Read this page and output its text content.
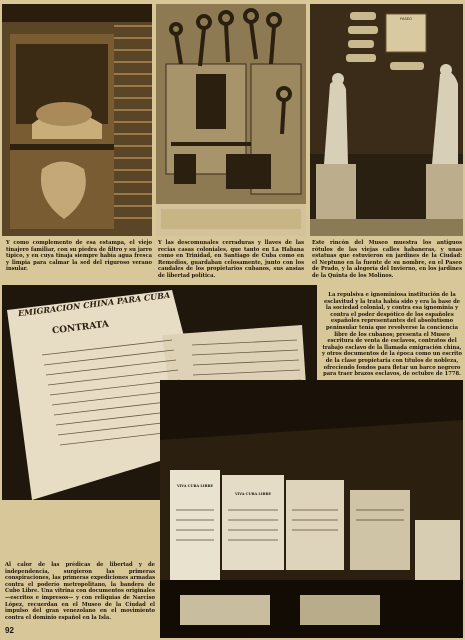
PASEO
Y como complemento de esa estampa, el viejo tinajero familiar, con su piedra de filtro y su jarro típico, y en cuya tinaja siempre había agua fresca y limpia para calmar la sed del riguroso verano insular.
Y las descomunales cerraduras y llaves de las recias casas coloniales, que tanto en La Habana como en Trinidad, en Santiago de Cuba como en Remedios, guardaban celosamente, junto con los caudales de los propietarios cubanos, sus ansias de libertad política.
Este rincón del Museo muestra los antiguos rótulos de las viejas calles habaneras, y unas estatuas que estuvieron en jardines de la Ciudad: el Neptuno en la fuente de su nombre, en el Paseo de Prado, y la alegoría del Invierno, en los jardines de la Quinta de los Molinos.
EMIGRACION CHINA PARA CUBA
CONTRATA
La repulsiva e ignominiosa institución de la esclavitud y la trata había sido y era la base de la sociedad colonial, y contra esa ignominia y contra el poder despótico de los españoles españoles representantes del absolutismo peninsular tenía que revolverse la conciencia libre de los cubanos; presenta el Museo escritura de venta de esclavos, contratos del trabajo esclavo de la llamada emigración china, y otros documentos de la época como un escrito de la clase propietaria con títulos de nobleza, ofreciendo fondos para fletar un barco negrero para traer brazos esclavos, de octubre de 1778.
VIVA CUBA LIBRE
VIVA CUBA LIBRE
Al calor de las prédicas de libertad y de independencia, surgieron las primeras conspiraciones, las primeras expediciones armadas contra el poderío metropolitano, la bandera de Cubo Libre. Una vitrina con documentos originales —escritos e impresos— y con reliquias de Narciso López, recuerdan en el Museo de la Ciudad el impulso del gran venezolano en el movimiento contra el dominio español en la Isla.
92
